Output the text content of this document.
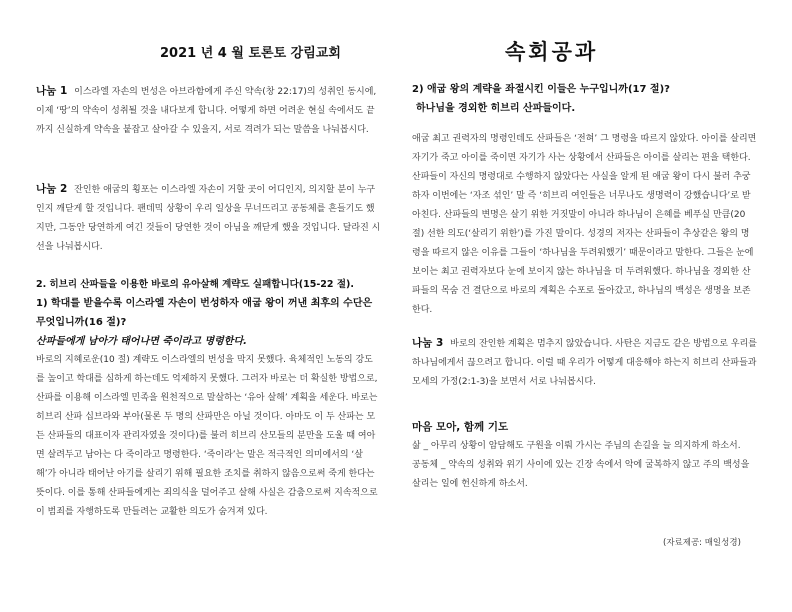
2021 년 4 월 토론토 강림교회	속회공과

나눔 1 이스라엘 자손의 번성은 아브라함에게 주신 약속(창 22:17)의 성취인 동시에, 이제 ‘땅’의 약속이 성취될 것을 내다보게 합니다. 어떻게 하면 어려운 현실 속에서도 끝까지 신실하게 약속을 붙잡고 살아갈 수 있을지, 서로 격려가 되는 말씀을 나눠봅시다.

나눔 2 잔인한 애굽의 횡포는 이스라엘 자손이 거할 곳이 어디인지, 의지할 분이 누구인지 깨닫게 할 것입니다. 팬데믹 상황이 우리 일상을 무너뜨리고 공동체를 흔들기도 했지만, 그동안 당연하게 여긴 것들이 당연한 것이 아님을 깨닫게 했을 것입니다. 달라진 시선을 나눠봅시다.

2. 히브리 산파들을 이용한 바로의 유아살해 계략도 실패합니다(15-22 절).

1) 학대를 받을수록 이스라엘 자손이 번성하자 애굽 왕이 꺼낸 최후의 수단은 무엇입니까(16 절)?

산파들에게 남아가 태어나면 죽이라고 명령한다.

바로의 지혜로운(10 절) 계략도 이스라엘의 번성을 막지 못했다. 육체적인 노동의 강도를 높이고 학대를 심하게 하는데도 억제하지 못했다. 그러자 바로는 더 확실한 방법으로, 산파를 이용해 이스라엘 민족을 원천적으로 말살하는 ‘유아 살해’ 계획을 세운다. 바로는 히브리 산파 십브라와 부아(물론 두 명의 산파만은 아닐 것이다. 아마도 이 두 산파는 모든 산파들의 대표이자 관리자였을 것이다)를 불러 히브리 산모들의 분만을 도울 때 여아면 살려두고 남아는 다 죽이라고 명령한다. ‘죽이라’는 말은 적극적인 의미에서의 ‘살해’가 아니라 태어난 아기를 살리기 위해 필요한 조치를 취하지 않음으로써 죽게 한다는 뜻이다. 이를 통해 산파들에게는 죄의식을 덜어주고 살해 사실은 감춤으로써 지속적으로 이 범죄를 자행하도록 만들려는 교활한 의도가 숨겨져 있다.

2) 애굽 왕의 계략을 좌절시킨 이들은 누구입니까(17 절)?

하나님을 경외한 히브리 산파들이다.

애굽 최고 권력자의 명령인데도 산파들은 ‘전혀’ 그 명령을 따르지 않았다. 아이를 살리면 자기가 죽고 아이를 죽이면 자기가 사는 상황에서 산파들은 아이를 살리는 편을 택한다. 산파들이 자신의 명령대로 수행하지 않았다는 사실을 알게 된 애굽 왕이 다시 불러 추궁하자 이번에는 ‘자조 섞인’ 말 즉 ‘히브리 여인들은 너무나도 생명력이 강했습니다’로 받아친다. 산파들의 변명은 살기 위한 거짓말이 아니라 하나님이 은혜를 베푸실 만큼(20 절) 선한 의도(‘살리기 위한’)를 가진 말이다. 성경의 저자는 산파들이 추상같은 왕의 명령을 따르지 않은 이유를 그들이 ‘하나님을 두려워했기’ 때문이라고 말한다. 그들은 눈에 보이는 최고 권력자보다 눈에 보이지 않는 하나님을 더 두려워했다. 하나님을 경외한 산파들의 목숨 건 결단으로 바로의 계획은 수포로 돌아갔고, 하나님의 백성은 생명을 보존한다.

나눔 3 바로의 잔인한 계획은 멈추지 않았습니다. 사탄은 지금도 같은 방법으로 우리를 하나님에게서 끊으려고 합니다. 이럴 때 우리가 어떻게 대응해야 하는지 히브리 산파들과 모세의 가정(2:1-3)을 보면서 서로 나눠봅시다.

마음 모아, 함께 기도

삶 _ 아무리 상황이 암담해도 구원을 이뤄 가시는 주님의 손길을 늘 의지하게 하소서.

공동체 _ 약속의 성취와 위기 사이에 있는 긴장 속에서 악에 굴복하지 않고 주의 백성을 살리는 일에 헌신하게 하소서.

(자료제공: 매일성경)
